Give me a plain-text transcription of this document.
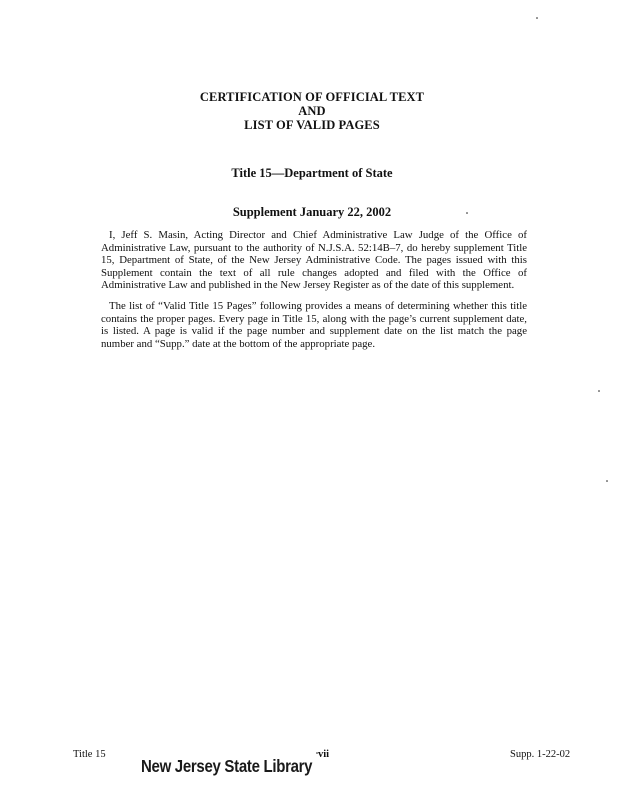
CERTIFICATION OF OFFICIAL TEXT
AND
LIST OF VALID PAGES
Title 15—Department of State
Supplement January 22, 2002

I, Jeff S. Masin, Acting Director and Chief Administrative Law Judge of the Office of Administrative Law, pursuant to the authority of N.J.S.A. 52:14B–7, do hereby supplement Title 15, Department of State, of the New Jersey Administrative Code. The pages issued with this Supplement contain the text of all rule changes adopted and filed with the Office of Administrative Law and published in the New Jersey Register as of the date of this supplement.

The list of “Valid Title 15 Pages” following provides a means of determining whether this title contains the proper pages. Every page in Title 15, along with the page’s current supplement date, is listed. A page is valid if the page number and supplement date on the list match the page number and “Supp.” date at the bottom of the appropriate page.

Title 15	vii	Supp. 1-22-02
New Jersey State Library
